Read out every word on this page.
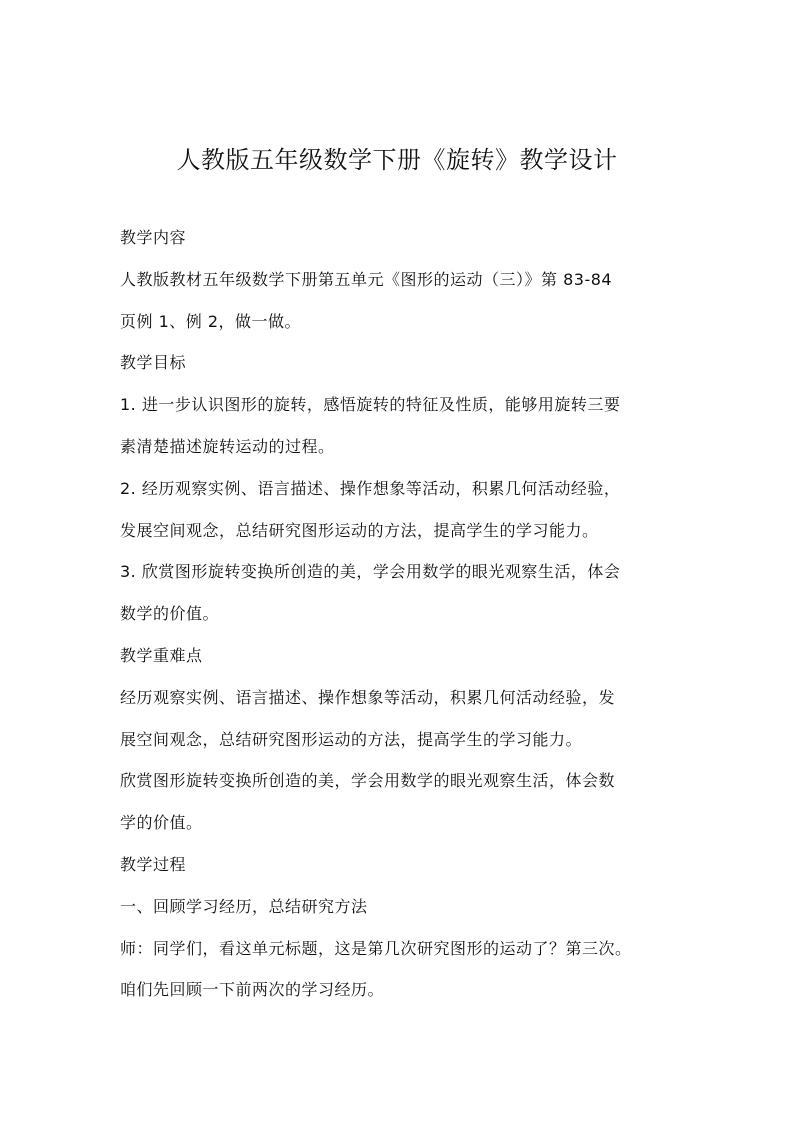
人教版五年级数学下册《旋转》教学设计
教学内容
人教版教材五年级数学下册第五单元《图形的运动（三）》第 83-84
页例 1、例 2，做一做。
教学目标
1. 进一步认识图形的旋转，感悟旋转的特征及性质，能够用旋转三要
素清楚描述旋转运动的过程。
2. 经历观察实例、语言描述、操作想象等活动，积累几何活动经验，
发展空间观念，总结研究图形运动的方法，提高学生的学习能力。
3. 欣赏图形旋转变换所创造的美，学会用数学的眼光观察生活，体会
数学的价值。
教学重难点
经历观察实例、语言描述、操作想象等活动，积累几何活动经验，发
展空间观念，总结研究图形运动的方法，提高学生的学习能力。
欣赏图形旋转变换所创造的美，学会用数学的眼光观察生活，体会数
学的价值。
教学过程
一、回顾学习经历，总结研究方法
师：同学们，看这单元标题，这是第几次研究图形的运动了？第三次。
咱们先回顾一下前两次的学习经历。
